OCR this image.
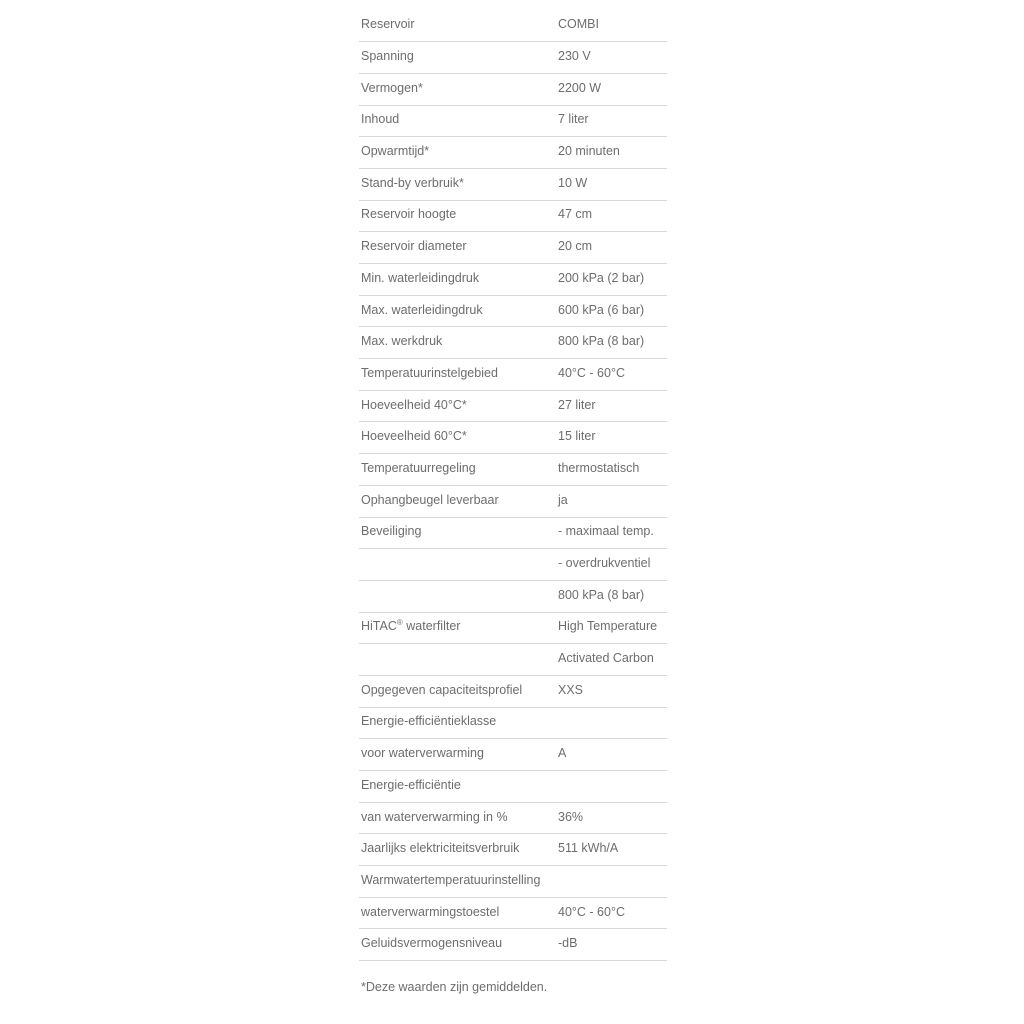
Reservoir	COMBI
Spanning	230 V
Vermogen*	2200 W
Inhoud	7 liter
Opwarmtijd*	20 minuten
Stand-by verbruik*	10 W
Reservoir hoogte	47 cm
Reservoir diameter	20 cm
Min. waterleidingdruk	200 kPa (2 bar)
Max. waterleidingdruk	600 kPa (6 bar)
Max. werkdruk	800 kPa (8 bar)
Temperatuurinstelgebied	40°C - 60°C
Hoeveelheid 40°C*	27 liter
Hoeveelheid 60°C*	15 liter
Temperatuurregeling	thermostatisch
Ophangbeugel leverbaar	ja
Beveiliging	- maximaal temp.
	- overdrukventiel
	800 kPa (8 bar)
HiTAC® waterfilter	High Temperature
	Activated Carbon
Opgegeven capaciteitsprofiel	XXS
Energie-efficiëntieklasse	
voor waterverwarming	A
Energie-efficiëntie	
van waterverwarming in %	36%
Jaarlijks elektriciteitsverbruik	511 kWh/A
Warmwatertemperatuurinstelling	
waterverwarmingstoestel	40°C - 60°C
Geluidsvermogensniveau	-dB
*Deze waarden zijn gemiddelden.
